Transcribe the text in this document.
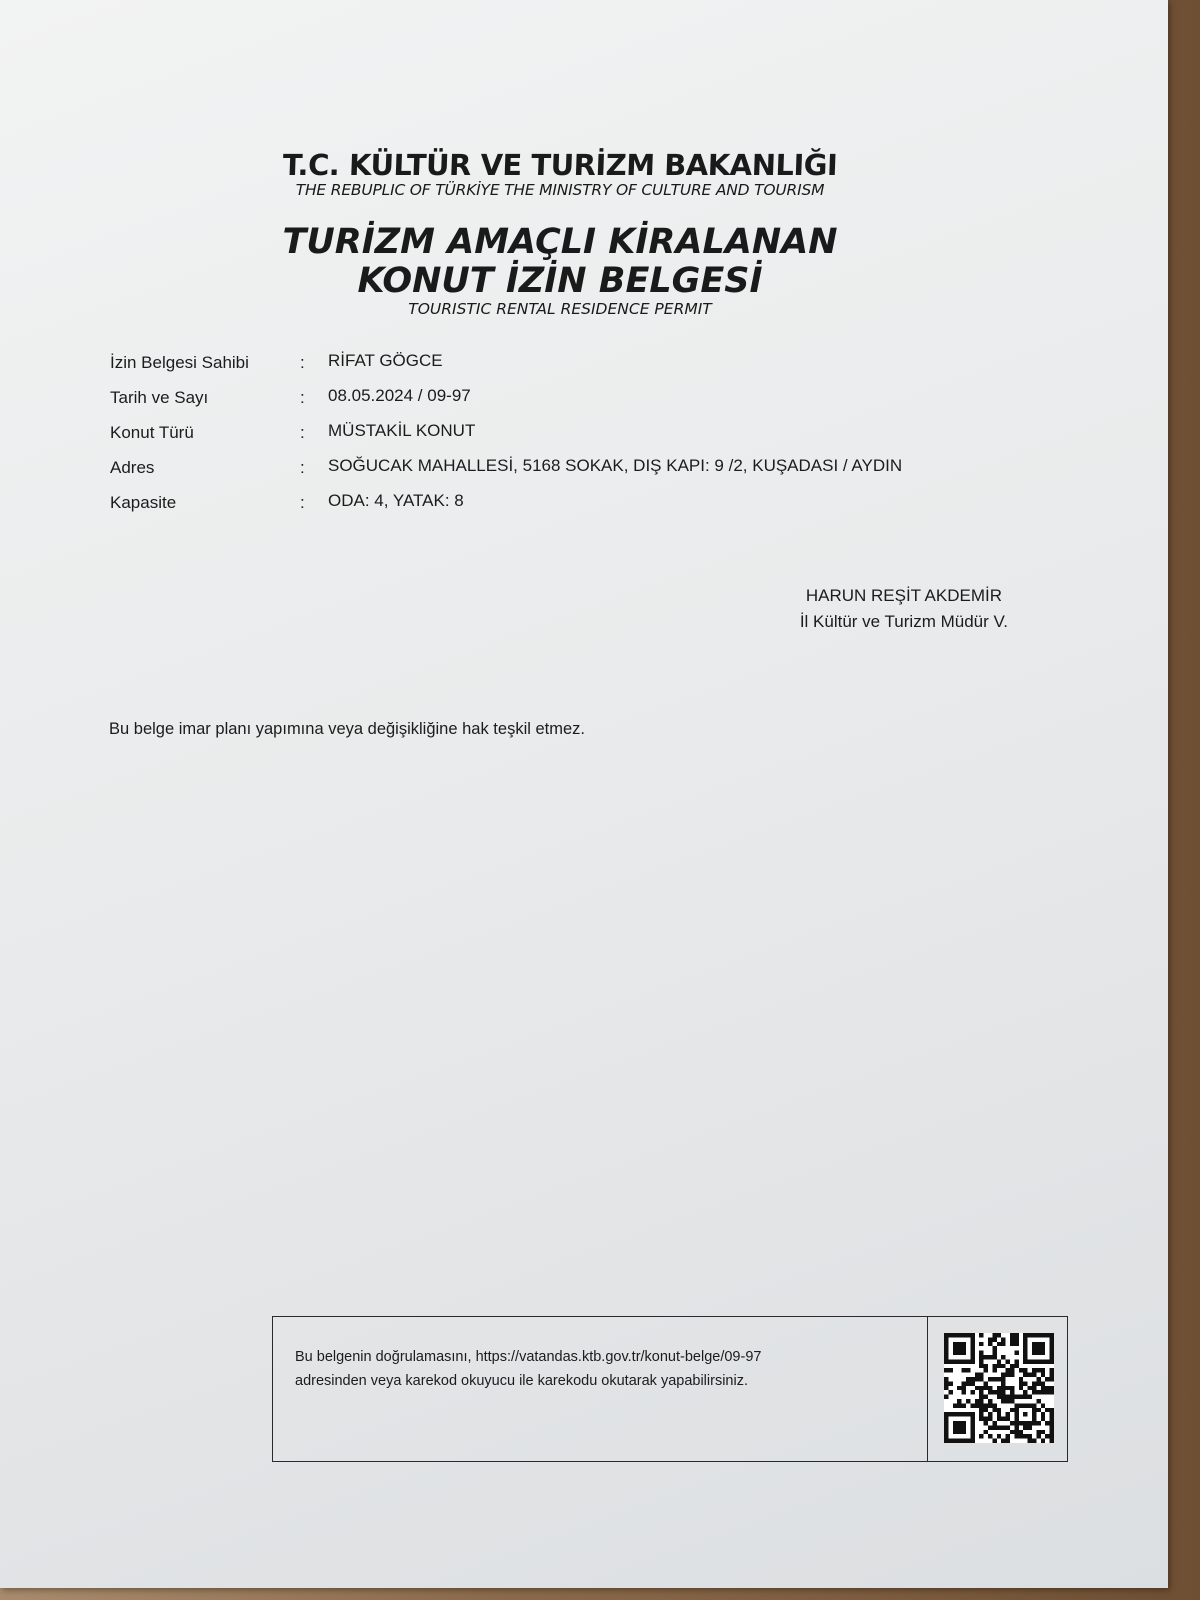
T.C. KÜLTÜR VE TURİZM BAKANLIĞI
THE REBUPLIC OF TÜRKİYE THE MINISTRY OF CULTURE AND TOURISM
TURİZM AMAÇLI KİRALANAN
KONUT İZİN BELGESİ
TOURISTIC RENTAL RESIDENCE PERMIT
İzin Belgesi Sahibi	: RİFAT GÖGCE
Tarih ve Sayı	: 08.05.2024 / 09-97
Konut Türü	: MÜSTAKİL KONUT
Adres	: SOĞUCAK MAHALLESİ, 5168 SOKAK, DIŞ KAPI: 9 /2, KUŞADASI / AYDIN
Kapasite	: ODA: 4, YATAK: 8
HARUN REŞİT AKDEMİR
İl Kültür ve Turizm Müdür V.
Bu belge imar planı yapımına veya değişikliğine hak teşkil etmez.
Bu belgenin doğrulamasını, https://vatandas.ktb.gov.tr/konut-belge/09-97
adresinden veya karekod okuyucu ile karekodu okutarak yapabilirsiniz.
